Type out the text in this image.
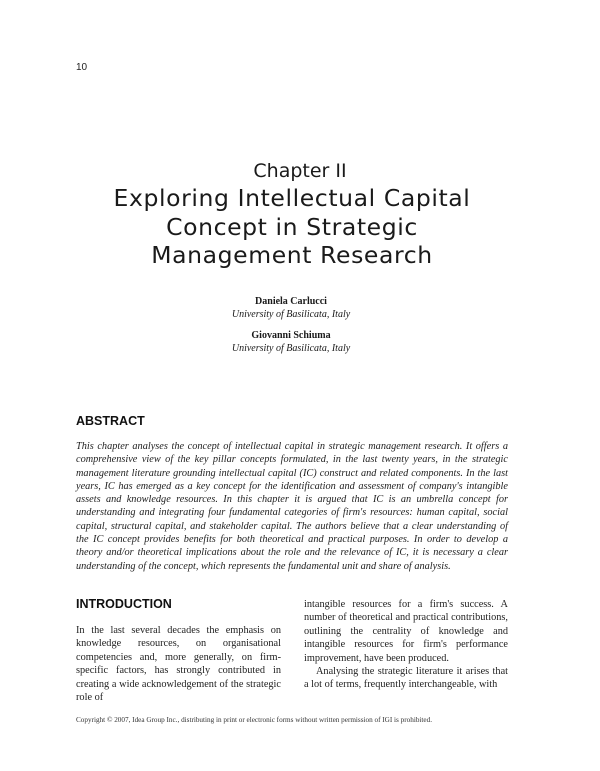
10
Chapter II
Exploring Intellectual Capital
Concept in Strategic
Management Research
Daniela Carlucci
University of Basilicata, Italy
Giovanni Schiuma
University of Basilicata, Italy
ABSTRACT
This chapter analyses the concept of intellectual capital in strategic management research. It offers a comprehensive view of the key pillar concepts formulated, in the last twenty years, in the strategic management literature grounding intellectual capital (IC) construct and related components. In the last years, IC has emerged as a key concept for the identification and assessment of company's intangible assets and knowledge resources. In this chapter it is argued that IC is an umbrella concept for understanding and integrating four fundamental categories of firm's resources: human capital, social capital, structural capital, and stakeholder capital. The authors believe that a clear understanding of the IC concept provides benefits for both theoretical and practical purposes. In order to develop a theory and/or theoretical implications about the role and the relevance of IC, it is necessary a clear understanding of the concept, which represents the fundamental unit and share of analysis.
INTRODUCTION

In the last several decades the emphasis on knowledge resources, on organisational competencies and, more generally, on firm-specific factors, has strongly contributed in creating a wide acknowledgement of the strategic role of

intangible resources for a firm's success. A number of theoretical and practical contributions, outlining the centrality of knowledge and intangible resources for firm's performance improvement, have been produced.

Analysing the strategic literature it arises that a lot of terms, frequently interchangeable, with

Copyright © 2007, Idea Group Inc., distributing in print or electronic forms without written permission of IGI is prohibited.
